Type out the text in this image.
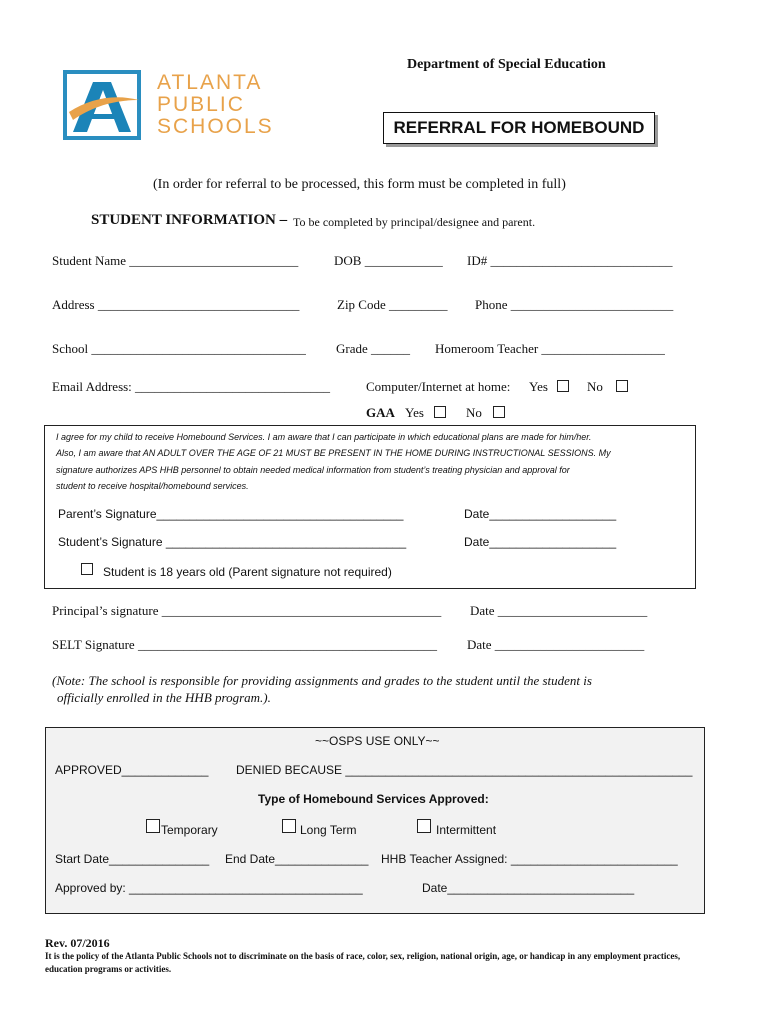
ATLANTA
PUBLIC
SCHOOLS
Department of Special Education
REFERRAL FOR HOMEBOUND
(In order for referral to be processed, this form must be completed in full)
STUDENT INFORMATION – To be completed by principal/designee and parent.
Student Name __________________________	DOB ____________ ID# ____________________________
Address _______________________________	Zip Code _________ Phone _________________________
School _________________________________ Grade ______ Homeroom Teacher ___________________
Email Address: ______________________________	Computer/Internet at home: Yes	No
GAA Yes	No
I agree for my child to receive Homebound Services. I am aware that I can participate in which educational plans are made for him/her.
Also, I am aware that AN ADULT OVER THE AGE OF 21 MUST BE PRESENT IN THE HOME DURING INSTRUCTIONAL SESSIONS. My
signature authorizes APS HHB personnel to obtain needed medical information from student’s treating physician and approval for
student to receive hospital/homebound services.
Parent’s Signature_____________________________________	Date___________________
Student’s Signature ____________________________________	Date___________________
Student is 18 years old (Parent signature not required)
Principal’s signature ___________________________________________ Date _______________________
SELT Signature ______________________________________________ Date _______________________
(Note: The school is responsible for providing assignments and grades to the student until the student is
officially enrolled in the HHB program.).
~~OSPS USE ONLY~~
APPROVED_____________ DENIED BECAUSE ____________________________________________________
Type of Homebound Services Approved:
Temporary	Long Term	Intermittent
Start Date_______________ End Date______________ HHB Teacher Assigned: _________________________
Approved by: ___________________________________	Date____________________________
Rev. 07/2016
It is the policy of the Atlanta Public Schools not to discriminate on the basis of race, color, sex, religion, national origin, age, or handicap in any employment practices, education programs or activities.
